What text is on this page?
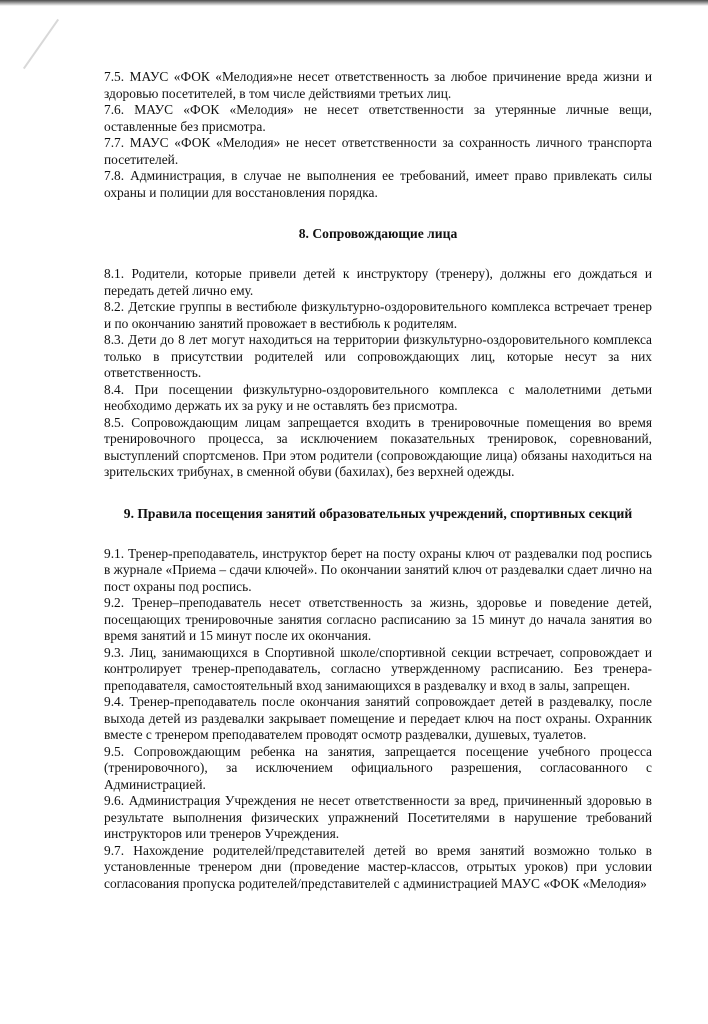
7.5. МАУС «ФОК «Мелодия»не несет ответственность за любое причинение вреда жизни и здоровью посетителей, в том числе действиями третьих лиц.

7.6. МАУС «ФОК «Мелодия» не несет ответственности за утерянные личные вещи, оставленные без присмотра.

7.7. МАУС «ФОК «Мелодия» не несет ответственности за сохранность личного транспорта посетителей.

7.8. Администрация, в случае не выполнения ее требований, имеет право привлекать силы охраны и полиции для восстановления порядка.

8. Сопровождающие лица

8.1. Родители, которые привели детей к инструктору (тренеру), должны его дождаться и передать детей лично ему.

8.2. Детские группы в вестибюле физкультурно-оздоровительного комплекса встречает тренер и по окончанию занятий провожает в вестибюль к родителям.

8.3. Дети до 8 лет могут находиться на территории физкультурно-оздоровительного комплекса только в присутствии родителей или сопровождающих лиц, которые несут за них ответственность.

8.4. При посещении физкультурно-оздоровительного комплекса с малолетними детьми необходимо держать их за руку и не оставлять без присмотра.

8.5. Сопровождающим лицам запрещается входить в тренировочные помещения во время тренировочного процесса, за исключением показательных тренировок, соревнований, выступлений спортсменов. При этом родители (сопровождающие лица) обязаны находиться на зрительских трибунах, в сменной обуви (бахилах), без верхней одежды.

9. Правила посещения занятий образовательных учреждений, спортивных секций

9.1. Тренер-преподаватель, инструктор берет на посту охраны ключ от раздевалки под роспись в журнале «Приема – сдачи ключей». По окончании занятий ключ от раздевалки сдает лично на пост охраны под роспись.

9.2. Тренер–преподаватель несет ответственность за жизнь, здоровье и поведение детей, посещающих тренировочные занятия согласно расписанию за 15 минут до начала занятия во время занятий и 15 минут после их окончания.

9.3. Лиц, занимающихся в Спортивной школе/спортивной секции встречает, сопровождает и контролирует тренер-преподаватель, согласно утвержденному расписанию. Без тренера-преподавателя, самостоятельный вход занимающихся в раздевалку и вход в залы, запрещен.

9.4. Тренер-преподаватель после окончания занятий сопровождает детей в раздевалку, после выхода детей из раздевалки закрывает помещение и передает ключ на пост охраны. Охранник вместе с тренером преподавателем проводят осмотр раздевалки, душевых, туалетов.

9.5. Сопровождающим ребенка на занятия, запрещается посещение учебного процесса (тренировочного), за исключением официального разрешения, согласованного с Администрацией.

9.6. Администрация Учреждения не несет ответственности за вред, причиненный здоровью в результате выполнения физических упражнений Посетителями в нарушение требований инструкторов или тренеров Учреждения.

9.7. Нахождение родителей/представителей детей во время занятий возможно только в установленные тренером дни (проведение мастер-классов, отрытых уроков) при условии согласования пропуска родителей/представителей с администрацией МАУС «ФОК «Мелодия»
